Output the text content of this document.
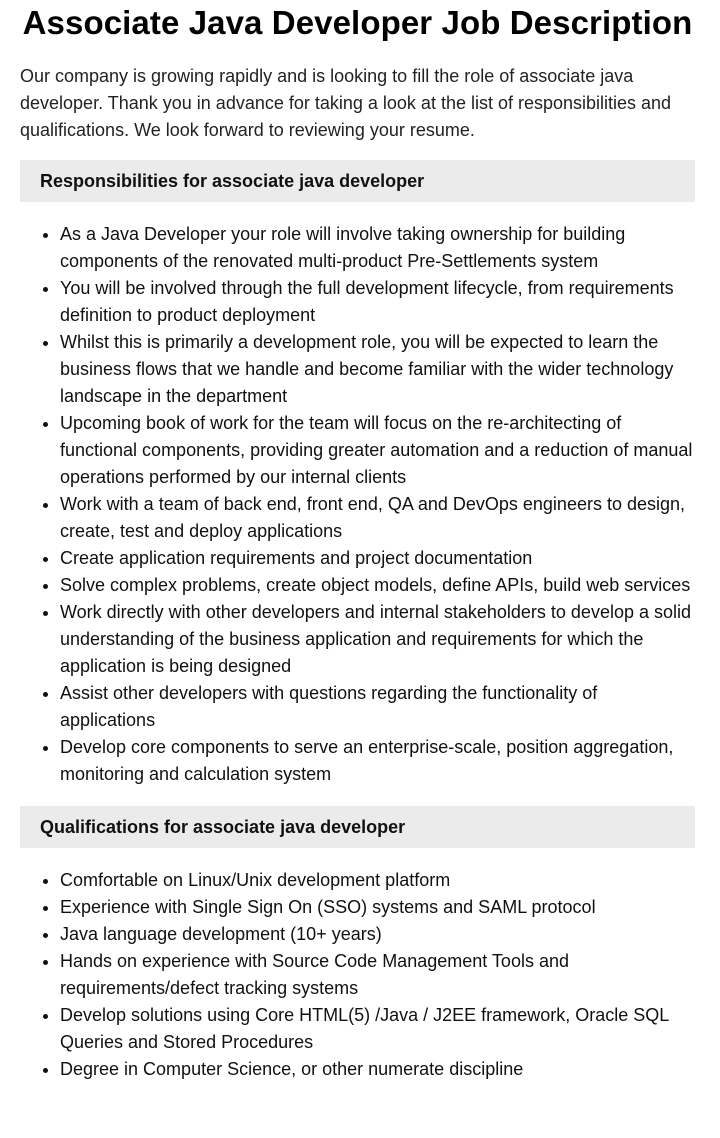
Associate Java Developer Job Description

Our company is growing rapidly and is looking to fill the role of associate java developer. Thank you in advance for taking a look at the list of responsibilities and qualifications. We look forward to reviewing your resume.

Responsibilities for associate java developer
• As a Java Developer your role will involve taking ownership for building components of the renovated multi-product Pre-Settlements system
• You will be involved through the full development lifecycle, from requirements definition to product deployment
• Whilst this is primarily a development role, you will be expected to learn the business flows that we handle and become familiar with the wider technology landscape in the department
• Upcoming book of work for the team will focus on the re-architecting of functional components, providing greater automation and a reduction of manual operations performed by our internal clients
• Work with a team of back end, front end, QA and DevOps engineers to design, create, test and deploy applications
• Create application requirements and project documentation
• Solve complex problems, create object models, define APIs, build web services
• Work directly with other developers and internal stakeholders to develop a solid understanding of the business application and requirements for which the application is being designed
• Assist other developers with questions regarding the functionality of applications
• Develop core components to serve an enterprise-scale, position aggregation, monitoring and calculation system
Qualifications for associate java developer
• Comfortable on Linux/Unix development platform
• Experience with Single Sign On (SSO) systems and SAML protocol
• Java language development (10+ years)
• Hands on experience with Source Code Management Tools and requirements/defect tracking systems
• Develop solutions using Core HTML(5) /Java / J2EE framework, Oracle SQL Queries and Stored Procedures
• Degree in Computer Science, or other numerate discipline
